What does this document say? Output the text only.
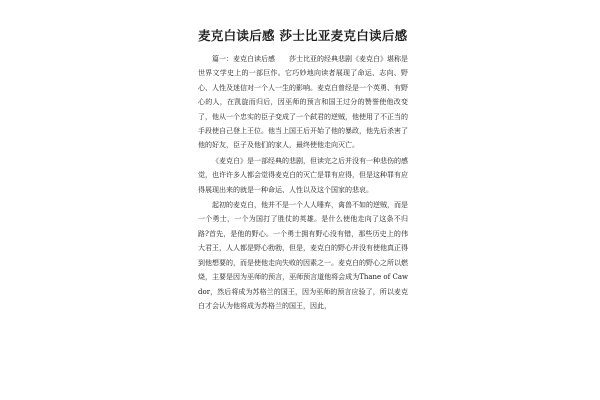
麦克白读后感 莎士比亚麦克白读后感

篇一：麦克白读后感　　莎士比亚的经典悲剧《麦克白》堪称是世界文学史上的一部巨作。它巧妙地向读者展现了命运、志向、野心、人性及迷信对一个人一生的影响。麦克白曾经是一个英勇、有野心的人，在凯旋而归后，因巫师的预言和国王过分的赞誉使他改变了，他从一个忠实的臣子变成了一个弑君的逆贼，他使用了不正当的手段使自己登上王位。他当上国王后开始了他的暴政，他先后杀害了他的好友，臣子及他们的家人，最终使他走向灭亡。

《麦克白》是一部经典的悲剧，但读完之后并没有一种悲伤的感觉，也许许多人都会觉得麦克白的灭亡是罪有应得，但是这种罪有应得展现出来的就是一种命运、人性以及这个国家的悲哀。

起初的麦克白，他并不是一个人人唾弃，禽兽不如的逆贼，而是一个勇士，一个为国打了胜仗的英雄。是什么使他走向了这条不归路?首先，是他的野心。一个勇士拥有野心没有错，那些历史上的伟大君王，人人都是野心勃勃，但是，麦克白的野心并没有使他真正得到他想要的，而是使他走向失败的因素之一。麦克白的野心之所以燃烧，主要是因为巫师的预言，巫师预言道他将会成为Thane of Cawdor，然后将成为苏格兰的国王，因为巫师的预言应验了，所以麦克白才会认为他将成为苏格兰的国王，因此，
